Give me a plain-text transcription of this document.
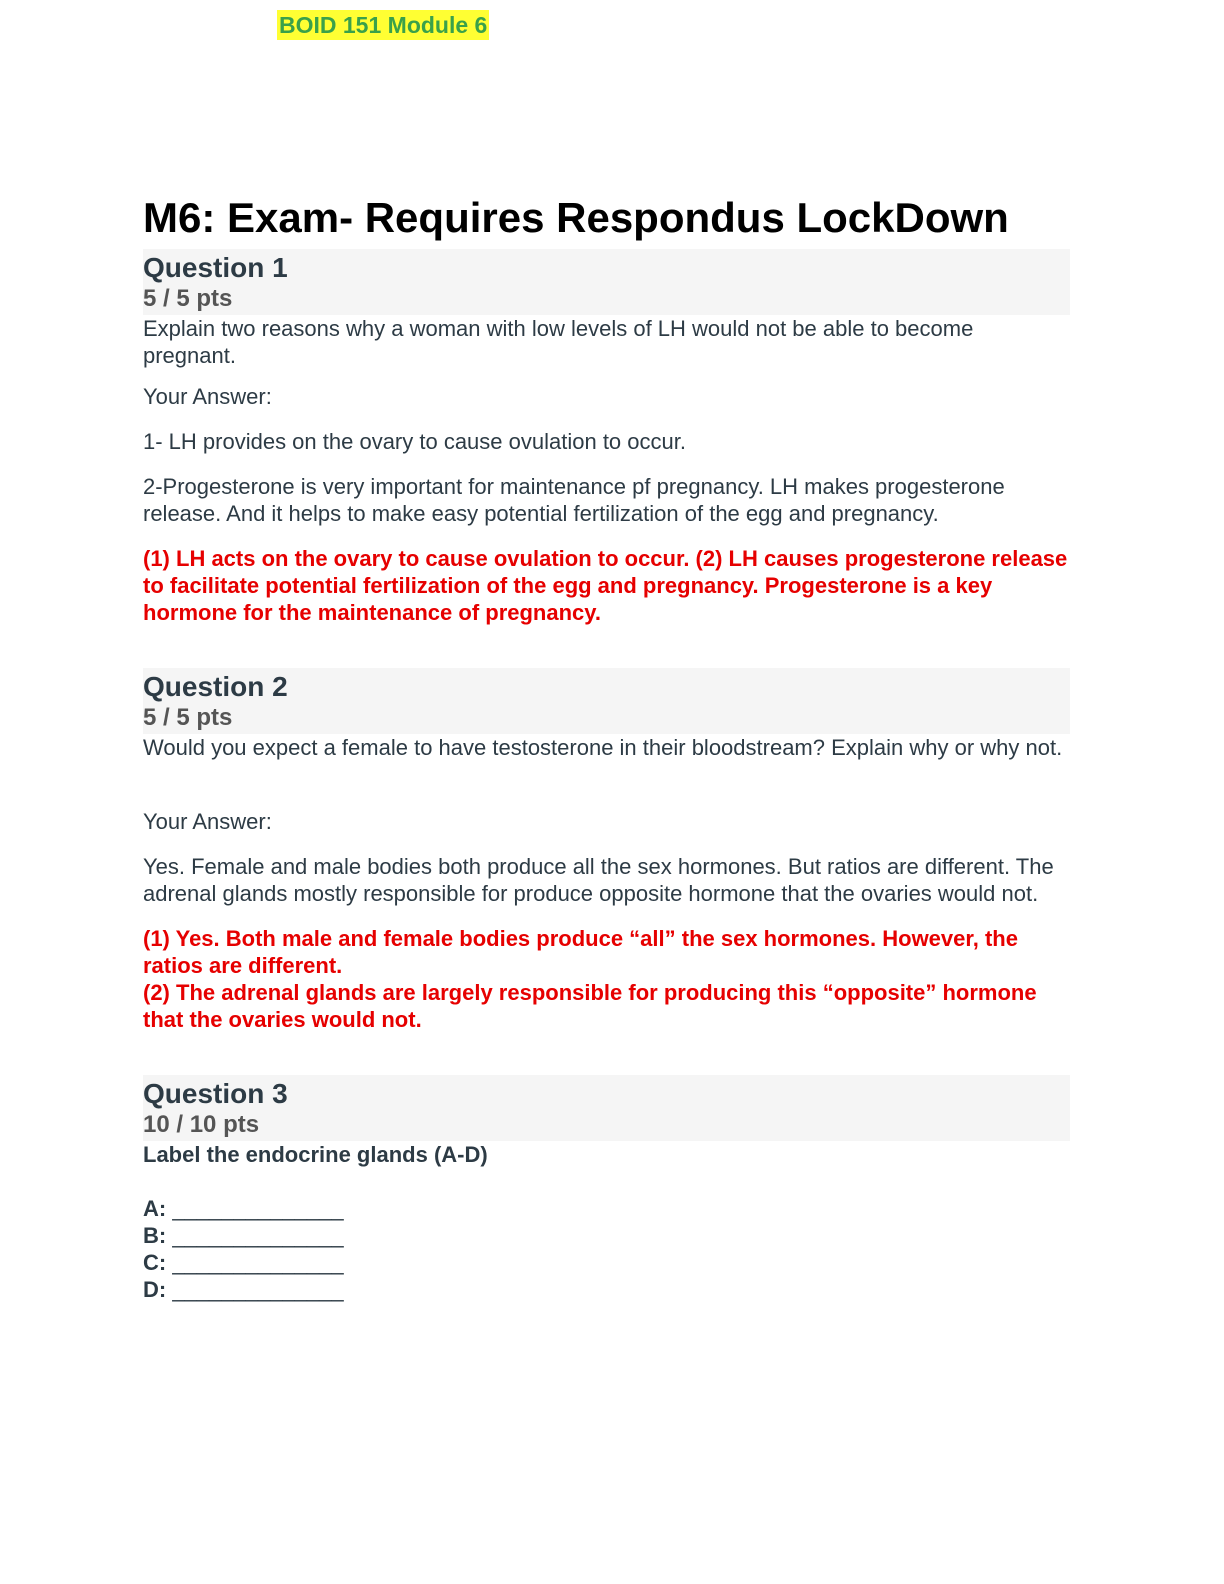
BOID 151 Module 6
M6: Exam- Requires Respondus LockDown
Question 1
5 / 5 pts

Explain two reasons why a woman with low levels of LH would not be able to become pregnant.

Your Answer:

1- LH provides on the ovary to cause ovulation to occur.

2-Progesterone is very important for maintenance pf pregnancy. LH makes progesterone release. And it helps to make easy potential fertilization of the egg and pregnancy.

(1) LH acts on the ovary to cause ovulation to occur. (2) LH causes progesterone release to facilitate potential fertilization of the egg and pregnancy. Progesterone is a key hormone for the maintenance of pregnancy.

Question 2
5 / 5 pts

Would you expect a female to have testosterone in their bloodstream? Explain why or why not.

Your Answer:

Yes. Female and male bodies both produce all the sex hormones. But ratios are different. The adrenal glands mostly responsible for produce opposite hormone that the ovaries would not.

(1) Yes. Both male and female bodies produce “all” the sex hormones. However, the ratios are different.

(2) The adrenal glands are largely responsible for producing this “opposite” hormone that the ovaries would not.

Question 3
10 / 10 pts

Label the endocrine glands (A-D)

A: ______________
B: ______________
C: ______________
D: ______________
